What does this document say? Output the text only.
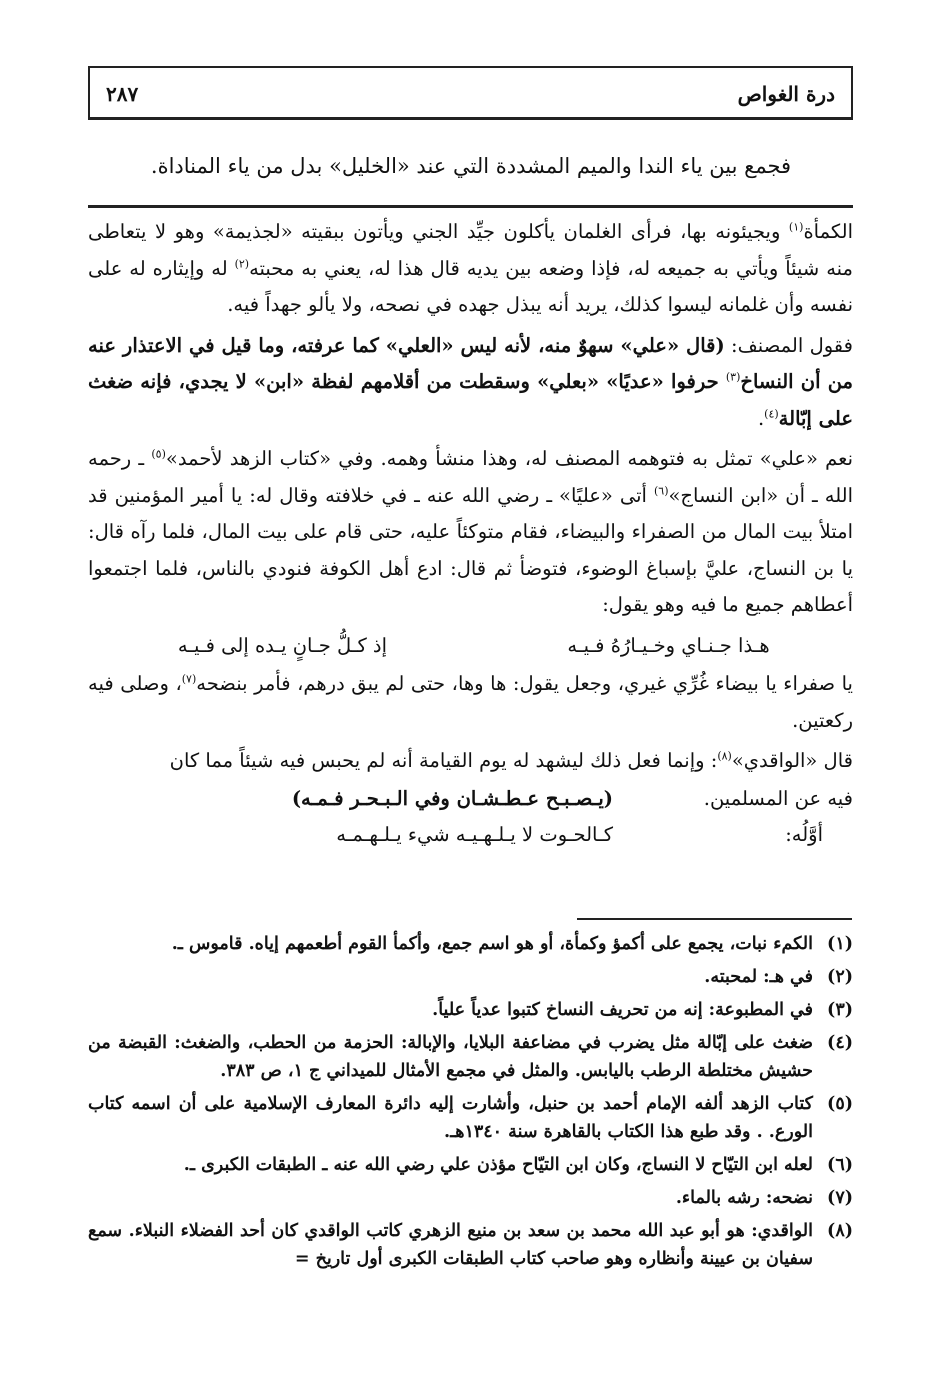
درة الغواص
٢٨٧
فجمع بين ياء الندا والميم المشددة التي عند «الخليل» بدل من ياء المناداة.

الكمأة$^{(١)}$ ويجيئونه بها، فرأى الغلمان يأكلون جيِّد الجني ويأتون ببقيته «لجذيمة» وهو لا يتعاطى منه شيئاً ويأتي به جميعه له، فإذا وضعه بين يديه قال هذا له، يعني به محبته$^{(٢)}$ له وإيثاره له على نفسه وأن غلمانه ليسوا كذلك، يريد أنه يبذل جهده في نصحه، ولا يألو جهداً فيه.

فقول المصنف: (قال «علي» سهوٌ منه، لأنه ليس «العلي» كما عرفته، وما قيل في الاعتذار عنه من أن النساخ$^{(٣)}$ حرفوا «عديًا» «بعلي» وسقطت من أقلامهم لفظة «ابن» لا يجدي، فإنه ضغث على إبّالة$^{(٤)}$.

نعم «علي» تمثل به فتوهمه المصنف له، وهذا منشأ وهمه. وفي «كتاب الزهد لأحمد»$^{(٥)}$ ـ رحمه الله ـ أن «ابن النساج»$^{(٦)}$ أتى «عليًا» ـ رضي الله عنه ـ في خلافته وقال له: يا أمير المؤمنين قد امتلأ بيت المال من الصفراء والبيضاء، فقام متوكئاً عليه، حتى قام على بيت المال، فلما رآه قال: يا بن النساج، عليَّ بإسباغ الوضوء، فتوضأ ثم قال: ادع أهل الكوفة فنودي بالناس، فلما اجتمعوا أعطاهم جميع ما فيه وهو يقول:

هـذا جـنـاي وخـيـارُهُ فـيـه
إذ كـلُّ جـانٍ يـده إلى فـيـه

يا صفراء يا بيضاء غُرِّي غيري، وجعل يقول: ها وها، حتى لم يبق درهم، فأمر بنضحه$^{(٧)}$، وصلى فيه ركعتين.

قال «الواقدي»$^{(٨)}$: وإنما فعل ذلك ليشهد له يوم القيامة أنه لم يحبس فيه شيئاً مما كان
فيه عن المسلمين.
أوَّلُه:
(يـصـبـح عـطـشـان وفي الـبـحـر فـمـه)
كـالحـوت لا يـلـهـيـه شيء يـلـهـمـه
(١)
الكمء نبات، يجمع على أكمؤ وكمأة، أو هو اسم جمع، وأكمأ القوم أطعمهم إياه. قاموس ـ.
(٢)
في هـ: لمحبته.
(٣)
في المطبوعة: إنه من تحريف النساخ كتبوا عدياً علياً.
(٤)
ضغث على إبّالة مثل يضرب في مضاعفة البلايا، والإبالة: الحزمة من الحطب، والضغث: القبضة من حشيش مختلطة الرطب باليابس. والمثل في مجمع الأمثال للميداني ج ١، ص ٣٨٣.
(٥)
كتاب الزهد ألفه الإمام أحمد بن حنبل، وأشارت إليه دائرة المعارف الإسلامية على أن اسمه كتاب الورع. . وقد طبع هذا الكتاب بالقاهرة سنة ١٣٤٠هـ.
(٦)
لعله ابن التيّاح لا النساج، وكان ابن التيّاح مؤذن علي رضي الله عنه ـ الطبقات الكبرى ـ.
(٧)
نضحه: رشه بالماء.
(٨)
الواقدي: هو أبو عبد الله محمد بن سعد بن منيع الزهري كاتب الواقدي كان أحد الفضلاء النبلاء. سمع سفيان بن عيينة وأنظاره وهو صاحب كتاب الطبقات الكبرى أول تاريخ =
